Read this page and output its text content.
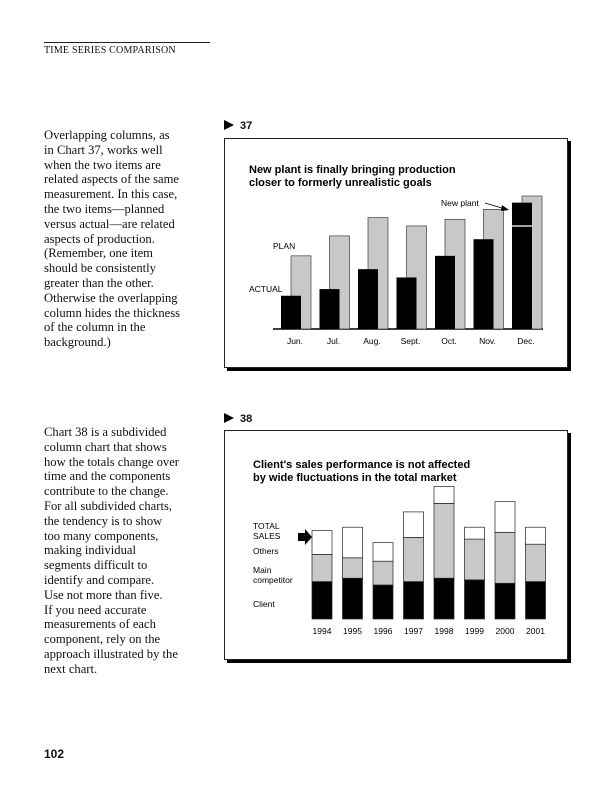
TIME SERIES COMPARISON
Overlapping columns, as
in Chart 37, works well
when the two items are
related aspects of the same
measurement. In this case,
the two items—planned
versus actual—are related
aspects of production.
(Remember, one item
should be consistently
greater than the other.
Otherwise the overlapping
column hides the thickness
of the column in the
background.)
Chart 38 is a subdivided
column chart that shows
how the totals change over
time and the components
contribute to the change.
For all subdivided charts,
the tendency is to show
too many components,
making individual
segments difficult to
identify and compare.
Use not more than five.
If you need accurate
measurements of each
component, rely on the
approach illustrated by the
next chart.
37
New plant is finally bringing production
closer to formerly unrealistic goals
Jun.	Jul.	Aug. Sept. Oct.	Nov.	Dec.
PLAN
ACTUAL
New plant
38
Client's sales performance is not affected
by wide fluctuations in the total market
1994 1995 1996 1997 1998 1999 2000 2001
TOTAL
SALES
Others
Main
competitor
Client
102
